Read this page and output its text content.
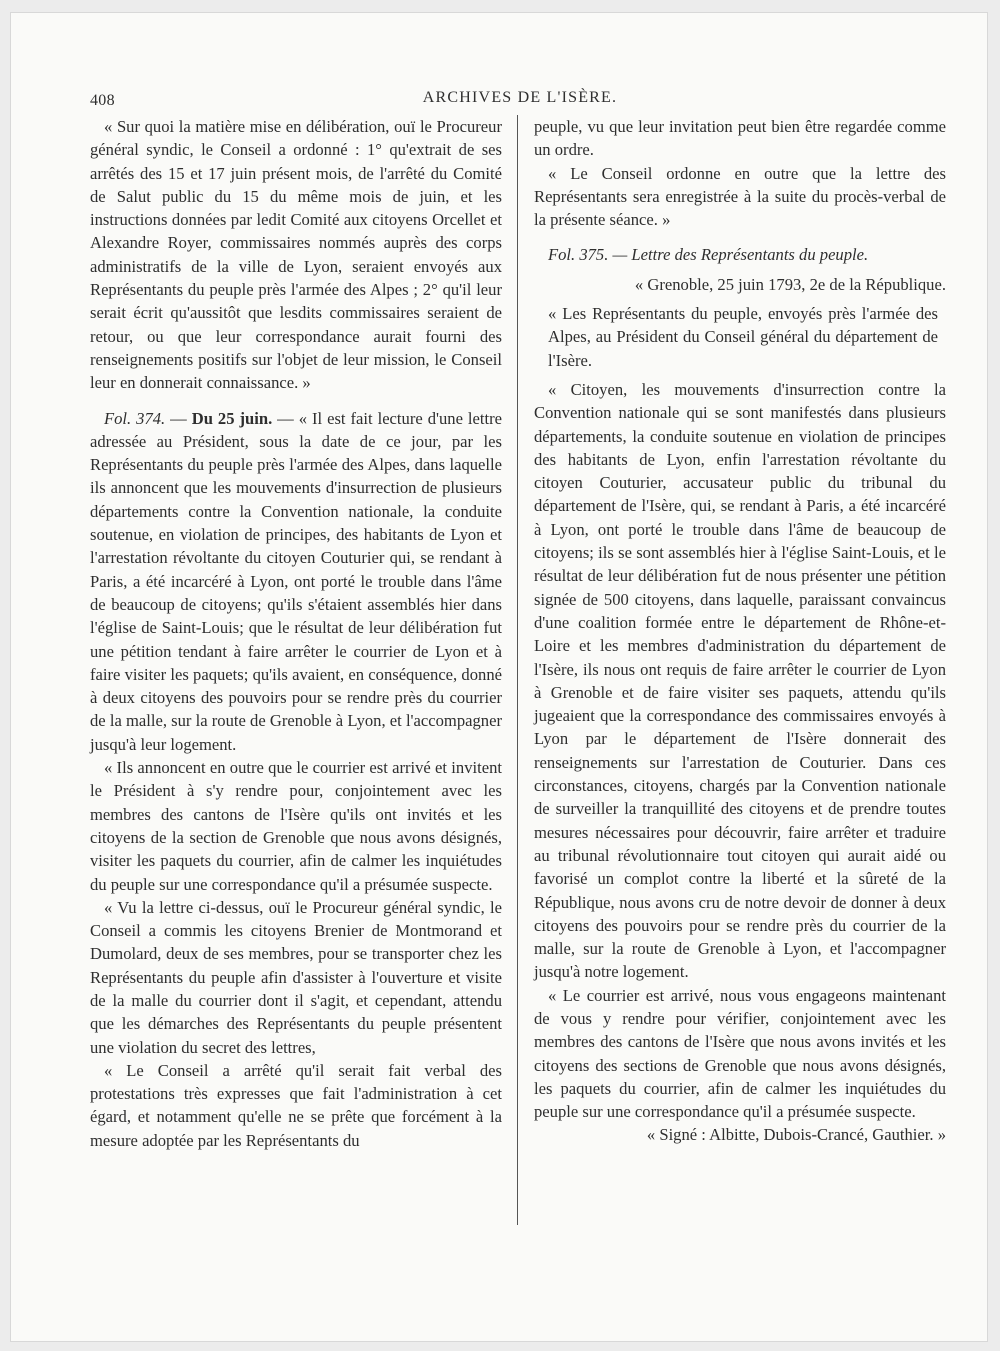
408	ARCHIVES DE L'ISÈRE.

« Sur quoi la matière mise en délibération, ouï le Procureur général syndic, le Conseil a ordonné : 1° qu'extrait de ses arrêtés des 15 et 17 juin présent mois, de l'arrêté du Comité de Salut public du 15 du même mois de juin, et les instructions données par ledit Comité aux citoyens Orcellet et Alexandre Royer, commissaires nommés auprès des corps administratifs de la ville de Lyon, seraient envoyés aux Représentants du peuple près l'armée des Alpes ; 2° qu'il leur serait écrit qu'aussitôt que lesdits commissaires seraient de retour, ou que leur correspondance aurait fourni des renseignements positifs sur l'objet de leur mission, le Conseil leur en donnerait connaissance. »

Fol. 374. — Du 25 juin. — « Il est fait lecture d'une lettre adressée au Président, sous la date de ce jour, par les Représentants du peuple près l'armée des Alpes, dans laquelle ils annoncent que les mouvements d'insurrection de plusieurs départements contre la Convention nationale, la conduite soutenue, en violation de principes, des habitants de Lyon et l'arrestation révoltante du citoyen Couturier qui, se rendant à Paris, a été incarcéré à Lyon, ont porté le trouble dans l'âme de beaucoup de citoyens; qu'ils s'étaient assemblés hier dans l'église de Saint-Louis; que le résultat de leur délibération fut une pétition tendant à faire arrêter le courrier de Lyon et à faire visiter les paquets; qu'ils avaient, en conséquence, donné à deux citoyens des pouvoirs pour se rendre près du courrier de la malle, sur la route de Grenoble à Lyon, et l'accompagner jusqu'à leur logement.

« Ils annoncent en outre que le courrier est arrivé et invitent le Président à s'y rendre pour, conjointement avec les membres des cantons de l'Isère qu'ils ont invités et les citoyens de la section de Grenoble que nous avons désignés, visiter les paquets du courrier, afin de calmer les inquiétudes du peuple sur une correspondance qu'il a présumée suspecte.

« Vu la lettre ci-dessus, ouï le Procureur général syndic, le Conseil a commis les citoyens Brenier de Montmorand et Dumolard, deux de ses membres, pour se transporter chez les Représentants du peuple afin d'assister à l'ouverture et visite de la malle du courrier dont il s'agit, et cependant, attendu que les démarches des Représentants du peuple présentent une violation du secret des lettres,

« Le Conseil a arrêté qu'il serait fait verbal des protestations très expresses que fait l'administration à cet égard, et notamment qu'elle ne se prête que forcément à la mesure adoptée par les Représentants du

peuple, vu que leur invitation peut bien être regardée comme un ordre.

« Le Conseil ordonne en outre que la lettre des Représentants sera enregistrée à la suite du procès-verbal de la présente séance. »

Fol. 375. — Lettre des Représentants du peuple.

« Grenoble, 25 juin 1793, 2e de la République.

« Les Représentants du peuple, envoyés près l'armée des Alpes, au Président du Conseil général du département de l'Isère.

« Citoyen, les mouvements d'insurrection contre la Convention nationale qui se sont manifestés dans plusieurs départements, la conduite soutenue en violation de principes des habitants de Lyon, enfin l'arrestation révoltante du citoyen Couturier, accusateur public du tribunal du département de l'Isère, qui, se rendant à Paris, a été incarcéré à Lyon, ont porté le trouble dans l'âme de beaucoup de citoyens; ils se sont assemblés hier à l'église Saint-Louis, et le résultat de leur délibération fut de nous présenter une pétition signée de 500 citoyens, dans laquelle, paraissant convaincus d'une coalition formée entre le département de Rhône-et-Loire et les membres d'administration du département de l'Isère, ils nous ont requis de faire arrêter le courrier de Lyon à Grenoble et de faire visiter ses paquets, attendu qu'ils jugeaient que la correspondance des commissaires envoyés à Lyon par le département de l'Isère donnerait des renseignements sur l'arrestation de Couturier. Dans ces circonstances, citoyens, chargés par la Convention nationale de surveiller la tranquillité des citoyens et de prendre toutes mesures nécessaires pour découvrir, faire arrêter et traduire au tribunal révolutionnaire tout citoyen qui aurait aidé ou favorisé un complot contre la liberté et la sûreté de la République, nous avons cru de notre devoir de donner à deux citoyens des pouvoirs pour se rendre près du courrier de la malle, sur la route de Grenoble à Lyon, et l'accompagner jusqu'à notre logement.

« Le courrier est arrivé, nous vous engageons maintenant de vous y rendre pour vérifier, conjointement avec les membres des cantons de l'Isère que nous avons invités et les citoyens des sections de Grenoble que nous avons désignés, les paquets du courrier, afin de calmer les inquiétudes du peuple sur une correspondance qu'il a présumée suspecte.

« Signé : Albitte, Dubois-Crancé, Gauthier. »
